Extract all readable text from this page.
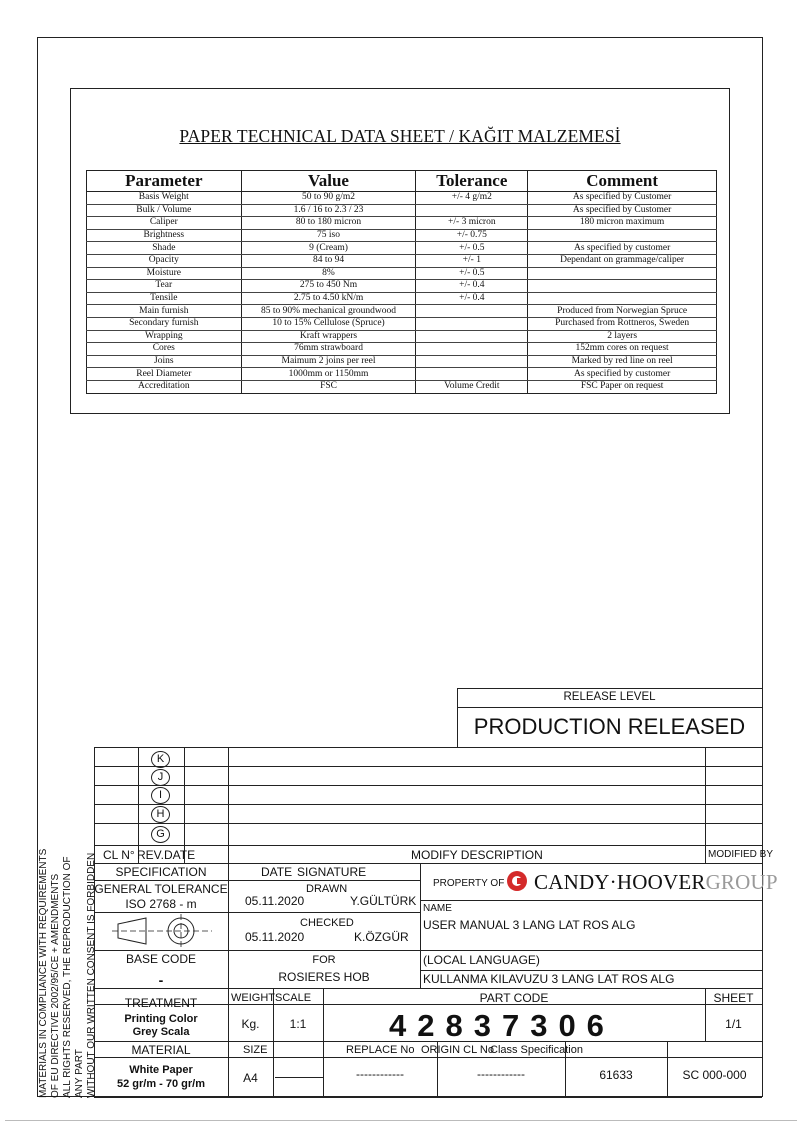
PAPER TECHNICAL DATA SHEET / KAĞIT MALZEMESİ
Parameter	Value	Tolerance	Comment
Basis Weight	50 to 90 g/m2	+/- 4 g/m2	As specified by Customer
Bulk / Volume	1.6 / 16 to 2.3 / 23		As specified by Customer
Caliper	80 to 180 micron	+/- 3 micron	180 micron maximum
Brightness	75 iso	+/- 0.75	
Shade	9 (Cream)	+/- 0.5	As specified by customer
Opacity	84 to 94	+/- 1	Dependant on grammage/caliper
Moisture	8%	+/- 0.5	
Tear	275 to 450 Nm	+/- 0.4	
Tensile	2.75 to 4.50 kN/m	+/- 0.4	
Main furnish	85 to 90% mechanical groundwood		Produced from Norwegian Spruce
Secondary furnish	10 to 15% Cellulose (Spruce)		Purchased from Rottneros, Sweden
Wrapping	Kraft wrappers		2 layers
Cores	76mm strawboard		152mm cores on request
Joins	Maimum 2 joins per reel		Marked by red line on reel
Reel Diameter	1000mm or 1150mm		As specified by customer
Accreditation	FSC	Volume Credit	FSC Paper on request
RELEASE LEVEL
PRODUCTION RELEASED
K
J
I
H
G
CL N° REV. DATE	MODIFY DESCRIPTION	MODIFIED BY
SPECIFICATION
GENERAL TOLERANCE
ISO 2768 - m
BASE CODE
-
TREATMENT
Printing Color
Grey Scala
MATERIAL
White Paper
52 gr/m - 70 gr/m
DATE SIGNATURE
DRAWN
05.11.2020	Y.GÜLTÜRK
CHECKED
05.11.2020	K.ÖZGÜR
FOR
ROSIERES HOB
PROPERTY OF CANDY·HOOVERGROUP
NAME
USER MANUAL 3 LANG LAT ROS ALG
(LOCAL LANGUAGE)
KULLANMA KILAVUZU 3 LANG LAT ROS ALG
WEIGHT SCALE	PART CODE	SHEET
Kg.	1:1	42837306	1/1
SIZE	REPLACE No ORIGIN CL No
Class Specification
A4	------------	------------	61633	SC 000-000
MATERIALS IN COMPLIANCE WITH REQUIREMENTS OF EU DIRECTIVE 2002/95/CE + AMENDMENTS ALL RIGHTS RESERVED, THE REPRODUCTION OF ANY PART WITHOUT OUR WRITTEN CONSENT IS FORBIDDEN
